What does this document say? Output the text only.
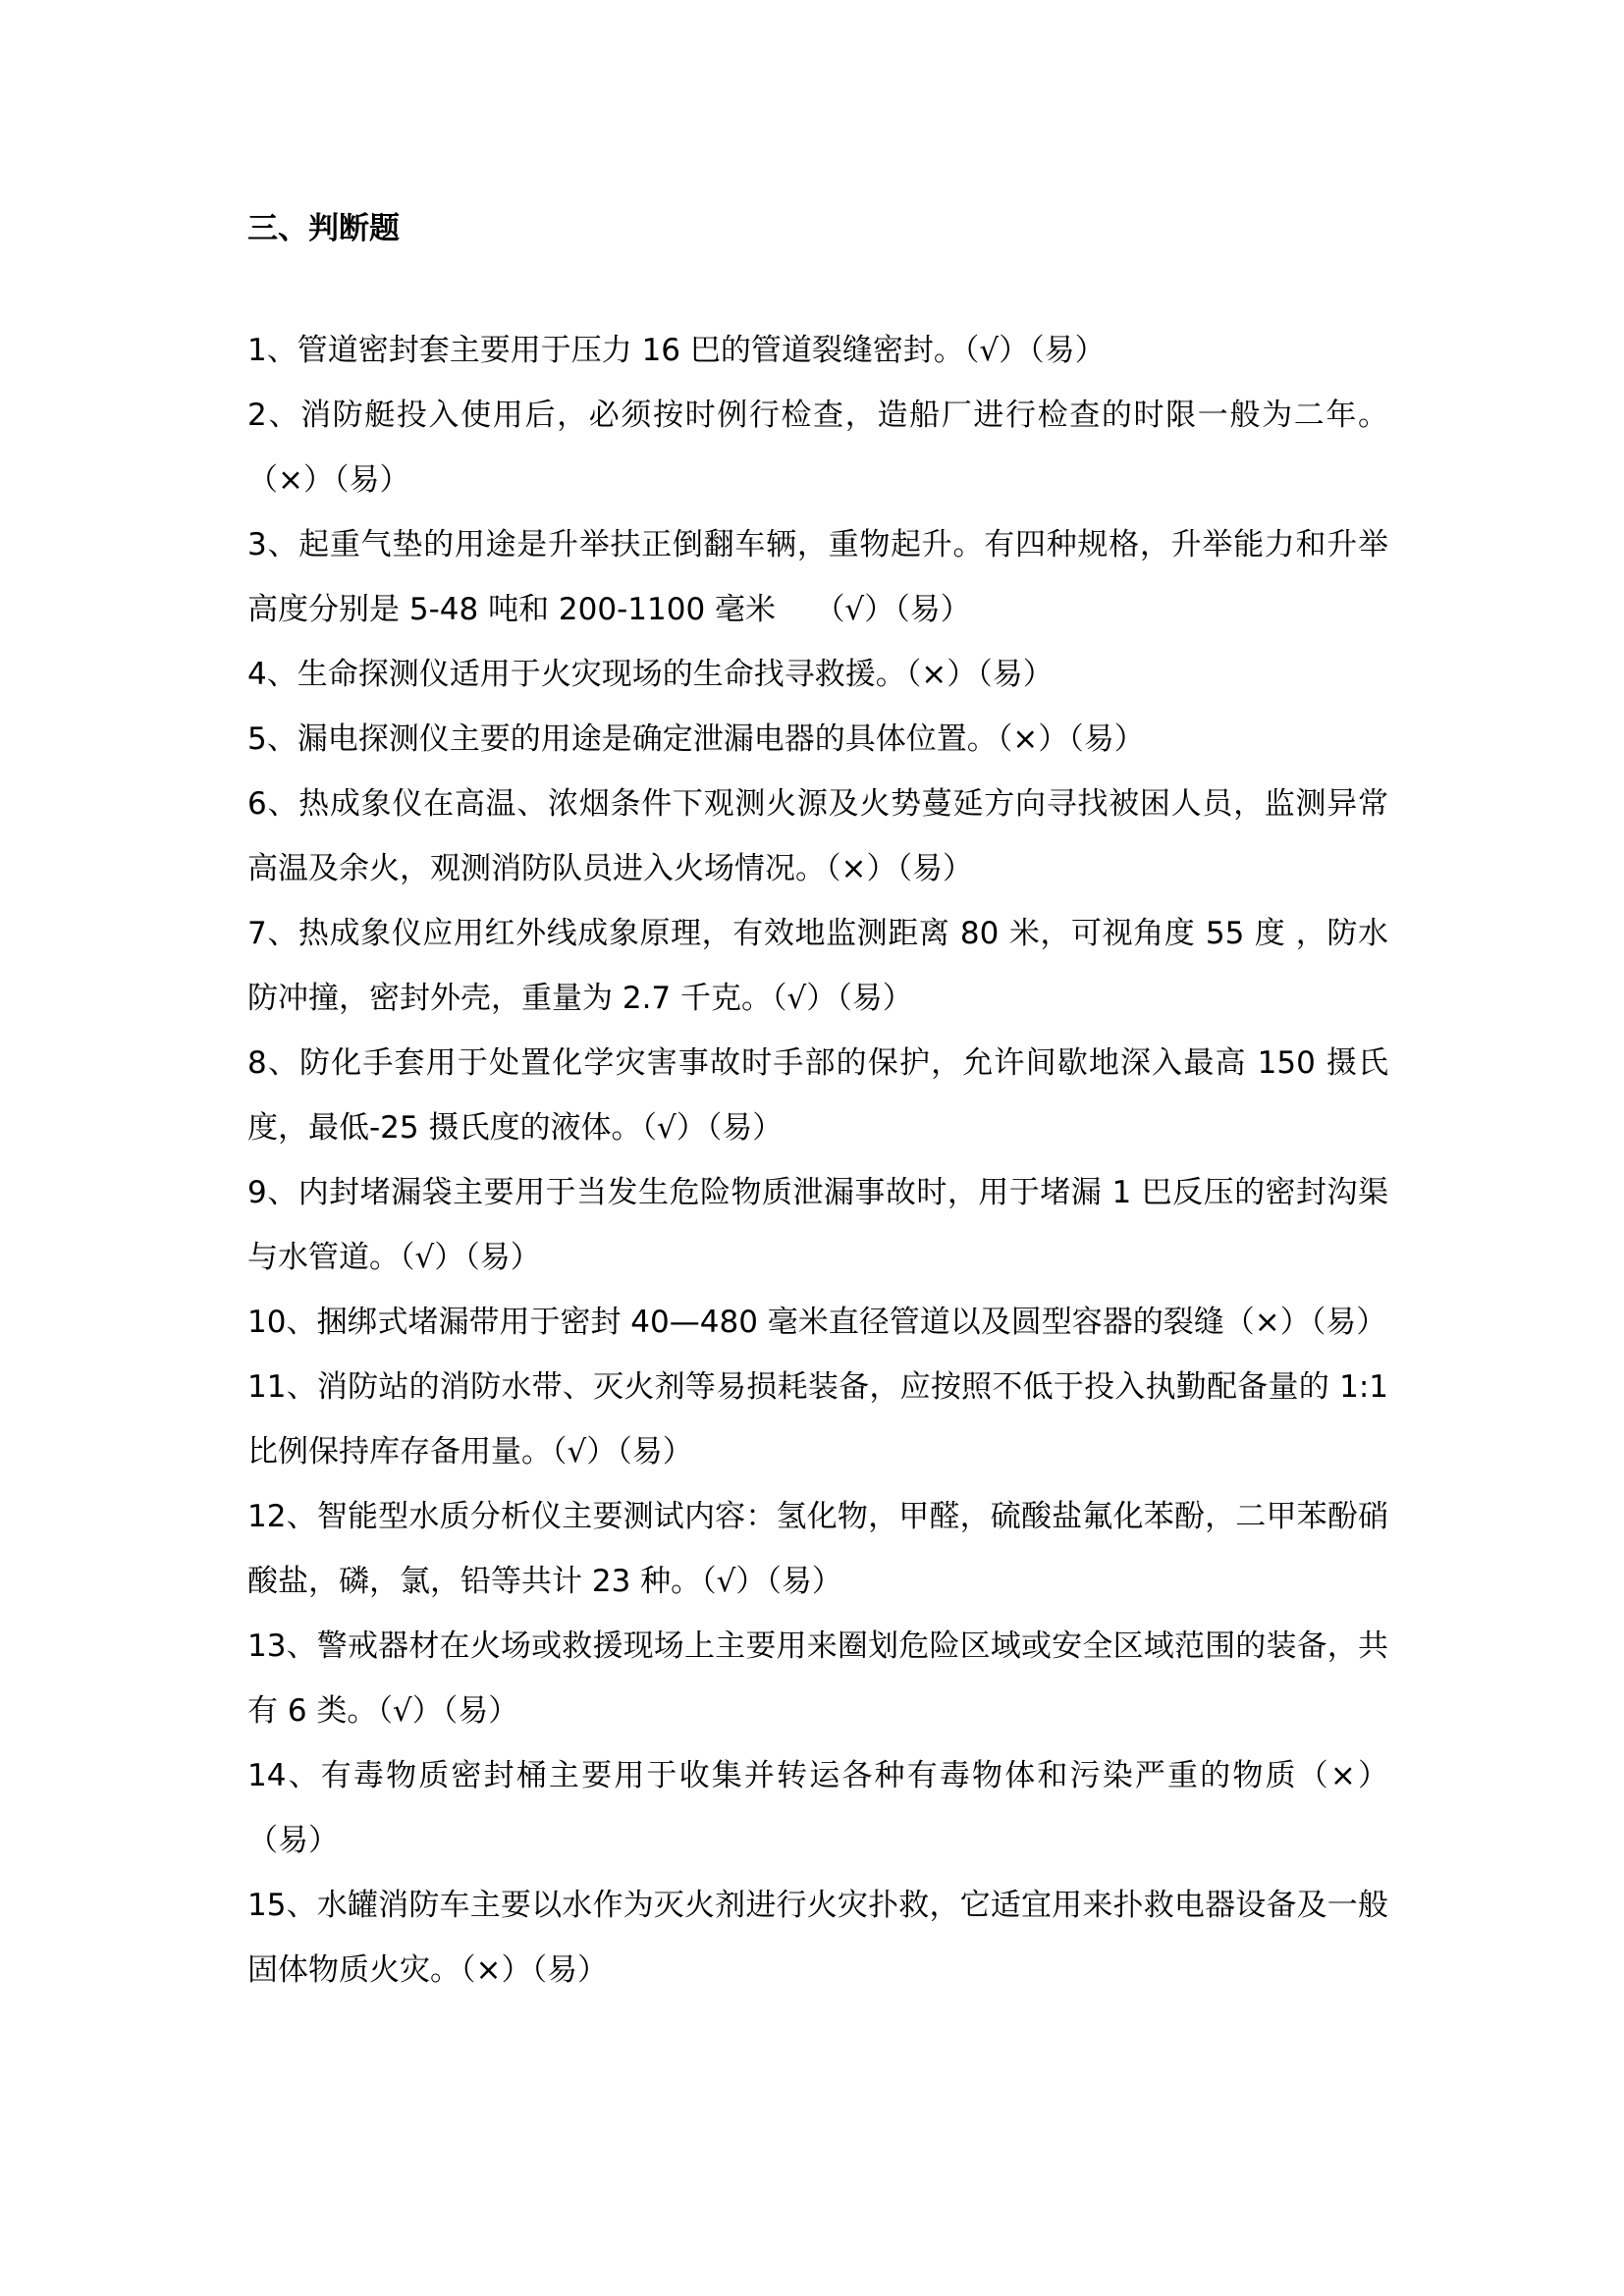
三、判断题

1、管道密封套主要用于压力 16 巴的管道裂缝密封。（√）（易）

2、消防艇投入使用后，必须按时例行检查，造船厂进行检查的时限一般为二年。（×）（易）

3、起重气垫的用途是升举扶正倒翻车辆，重物起升。有四种规格，升举能力和升举高度分别是 5-48 吨和 200-1100 毫米    （√）（易）

4、生命探测仪适用于火灾现场的生命找寻救援。（×）（易）

5、漏电探测仪主要的用途是确定泄漏电器的具体位置。（×）（易）

6、热成象仪在高温、浓烟条件下观测火源及火势蔓延方向寻找被困人员，监测异常高温及余火，观测消防队员进入火场情况。（×）（易）

7、热成象仪应用红外线成象原理，有效地监测距离 80 米，可视角度 55 度 ，防水防冲撞，密封外壳，重量为 2.7 千克。（√）（易）

8、防化手套用于处置化学灾害事故时手部的保护，允许间歇地深入最高 150 摄氏度，最低-25 摄氏度的液体。（√）（易）

9、内封堵漏袋主要用于当发生危险物质泄漏事故时，用于堵漏 1 巴反压的密封沟渠与水管道。（√）（易）

10、捆绑式堵漏带用于密封 40—480 毫米直径管道以及圆型容器的裂缝（×）（易）

11、消防站的消防水带、灭火剂等易损耗装备，应按照不低于投入执勤配备量的 1:1 比例保持库存备用量。（√）（易）

12、智能型水质分析仪主要测试内容：氢化物，甲醛，硫酸盐氟化苯酚，二甲苯酚硝酸盐，磷，氯，铅等共计 23 种。（√）（易）

13、警戒器材在火场或救援现场上主要用来圈划危险区域或安全区域范围的装备，共有 6 类。（√）（易）

14、有毒物质密封桶主要用于收集并转运各种有毒物体和污染严重的物质（×）（易）

15、水罐消防车主要以水作为灭火剂进行火灾扑救，它适宜用来扑救电器设备及一般固体物质火灾。（×）（易）
